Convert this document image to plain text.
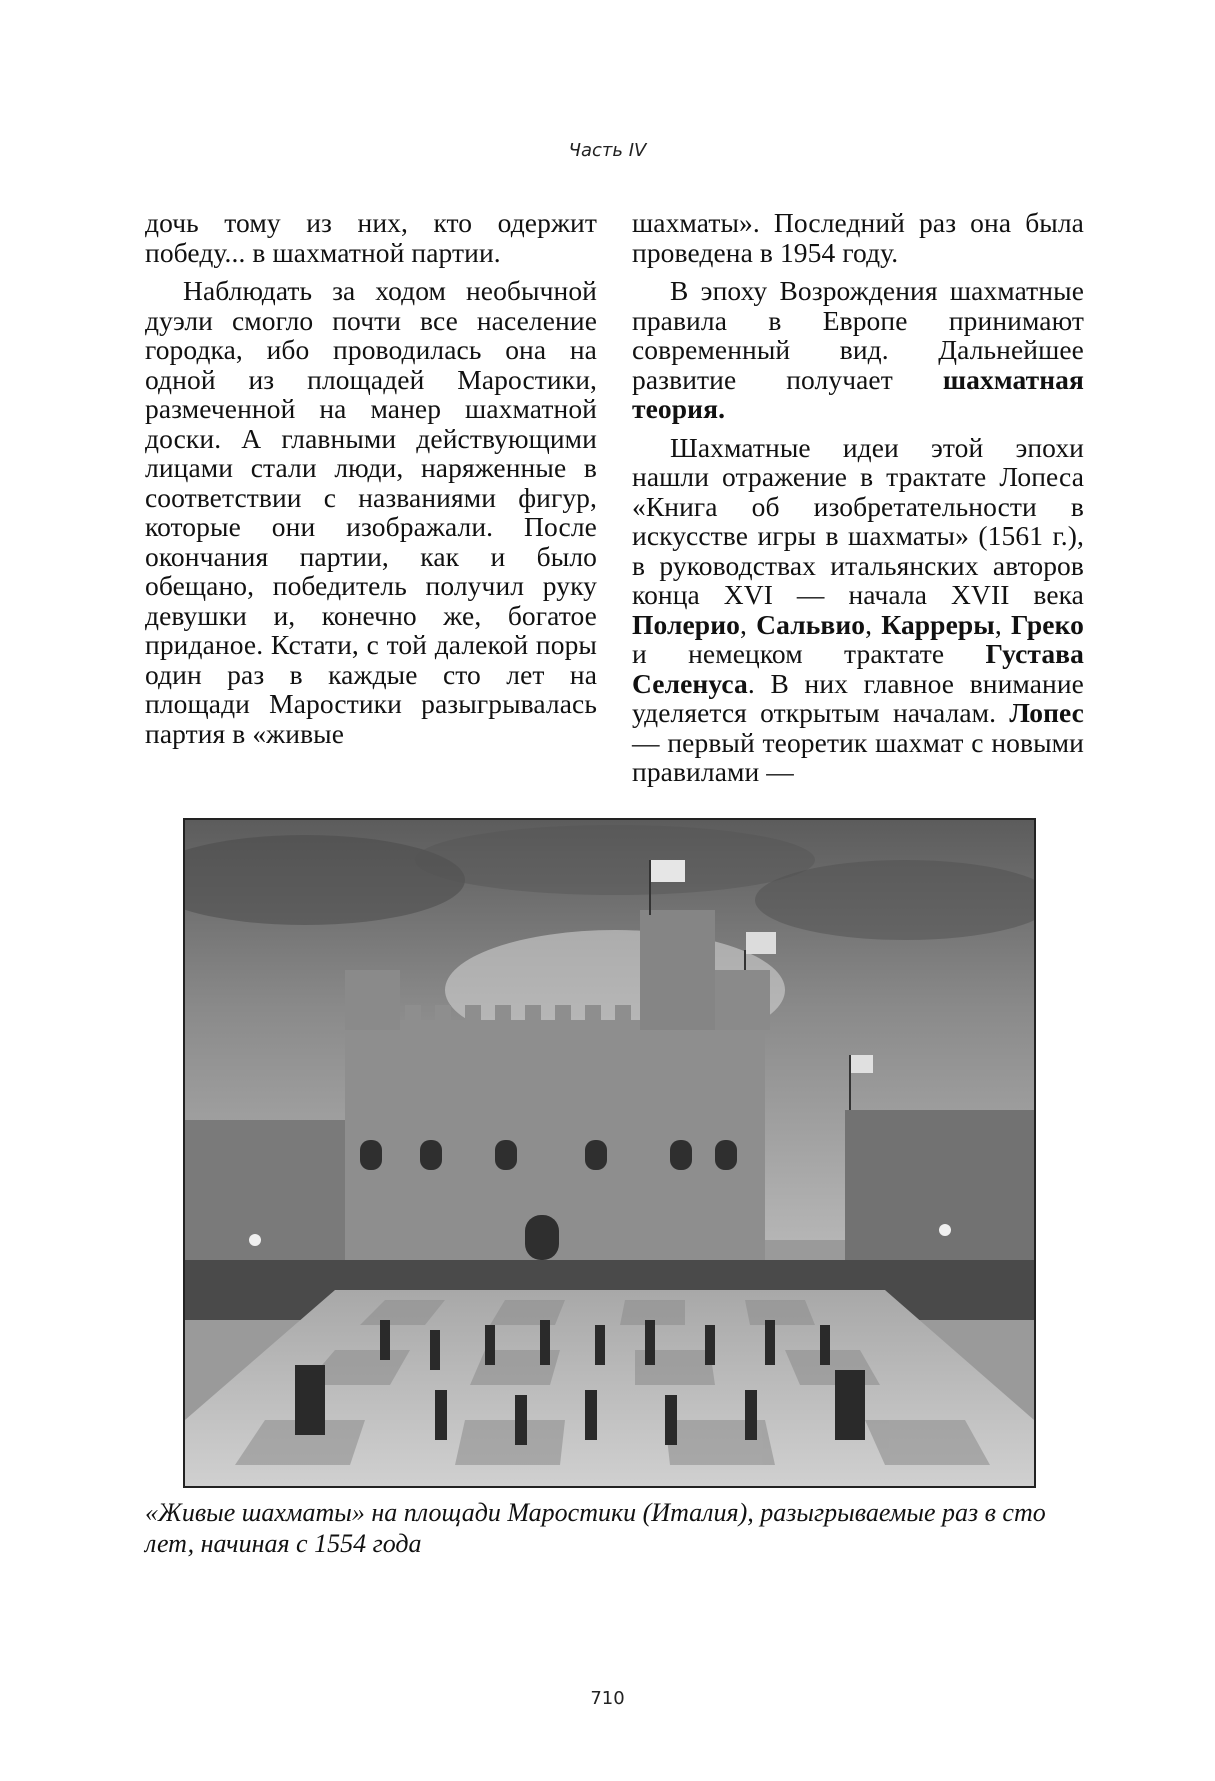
Часть IV

дочь тому из них, кто одержит победу... в шахматной партии.

Наблюдать за ходом необычной дуэли смогло почти все население городка, ибо проводилась она на одной из площадей Маростики, размеченной на манер шахматной доски. А главными действующими лицами стали люди, наряженные в соответствии с названиями фигур, которые они изображали. После окончания партии, как и было обещано, победитель получил руку девушки и, конечно же, богатое приданое. Кстати, с той далекой поры один раз в каждые сто лет на площади Маростики разыгрывалась партия в «живые

шахматы». Последний раз она была проведена в 1954 году.

В эпоху Возрождения шахматные правила в Европе принимают современный вид. Дальнейшее развитие получает шахматная теория.

Шахматные идеи этой эпохи нашли отражение в трактате Лопеса «Книга об изобретательности в искусстве игры в шахматы» (1561 г.), в руководствах итальянских авторов конца XVI — начала XVII века Полерио, Сальвио, Карреры, Греко и немецком трактате Густава Селенуса. В них главное внимание уделяется открытым началам. Лопес — первый теоретик шахмат с новыми правилами —

«Живые шахматы» на площади Маростики (Италия), разыгрываемые раз в сто лет, начиная с 1554 года
710
